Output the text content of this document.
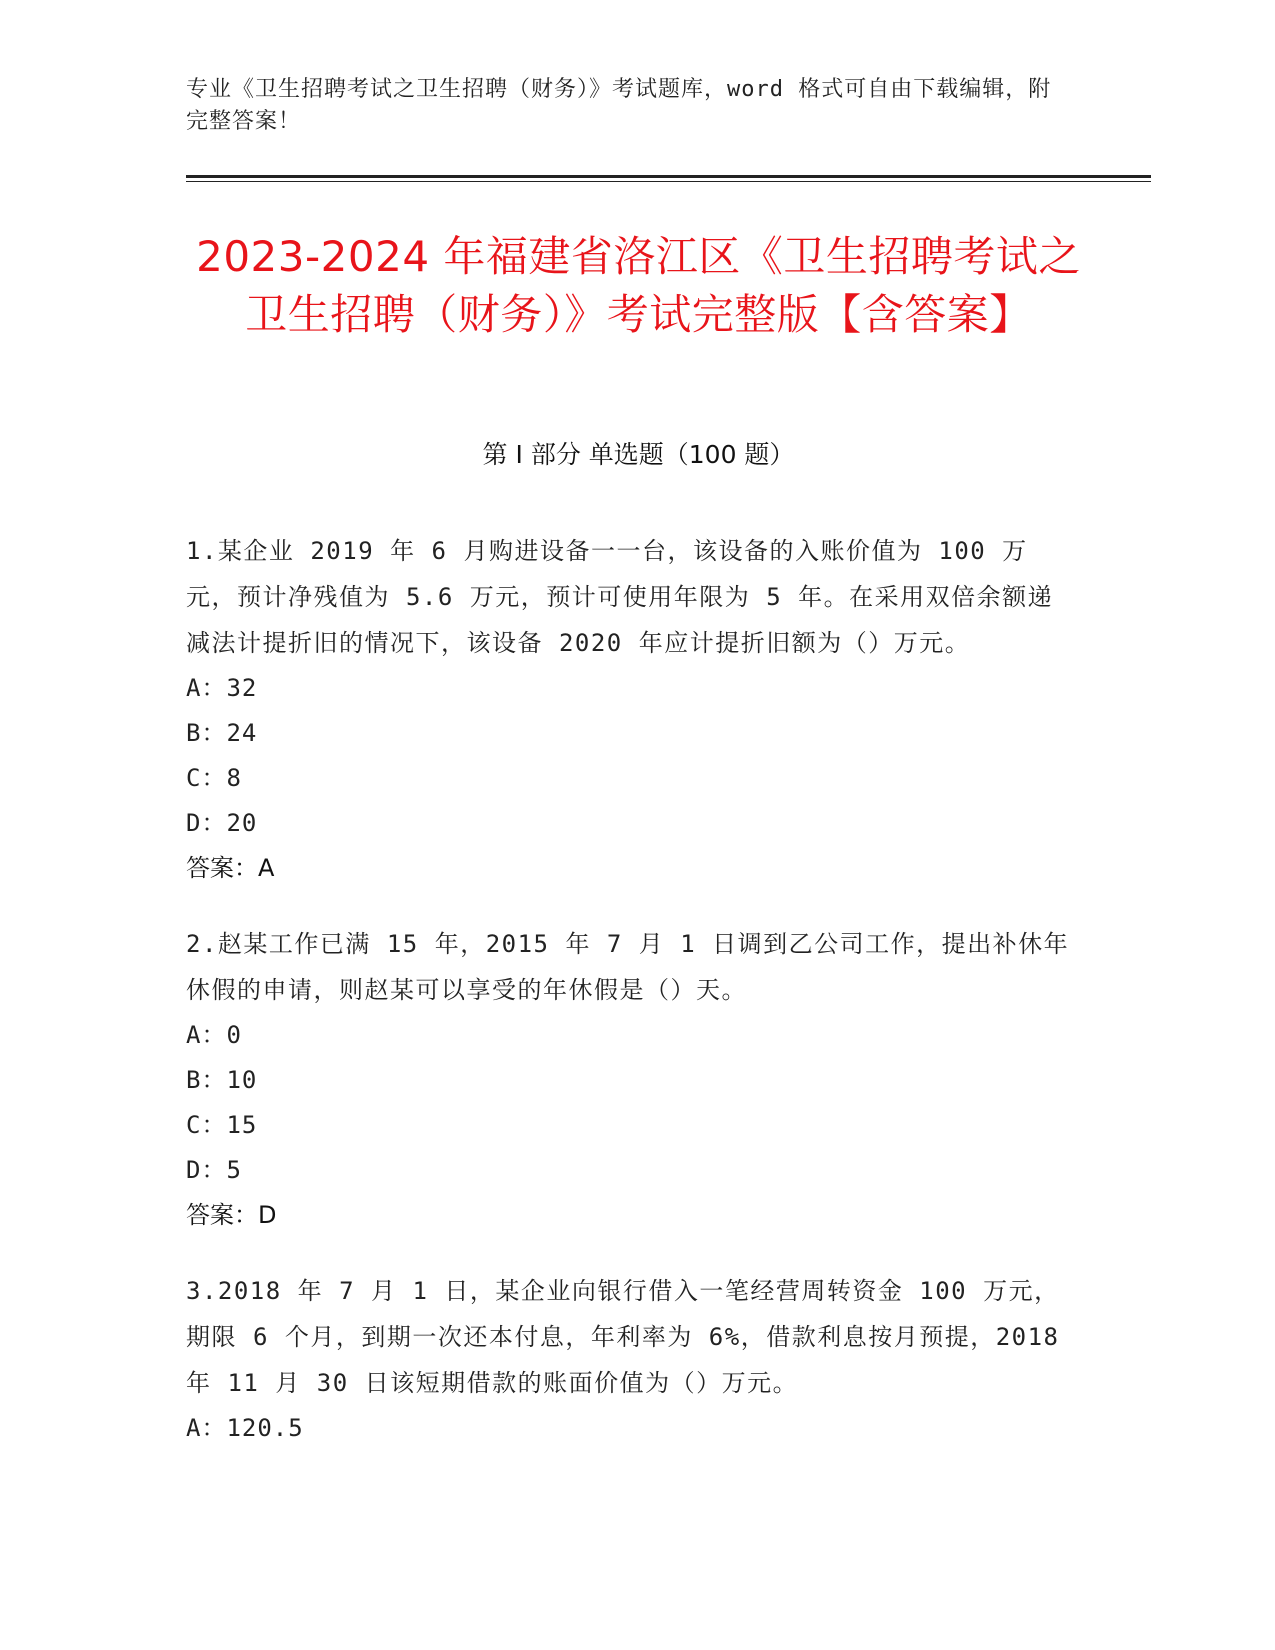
专业《卫生招聘考试之卫生招聘（财务）》考试题库，word 格式可自由下载编辑，附完整答案！
2023-2024 年福建省洛江区《卫生招聘考试之卫生招聘（财务）》考试完整版【含答案】
第 I 部分 单选题（100 题）
1.某企业 2019 年 6 月购进设备一一台，该设备的入账价值为 100 万元，预计净残值为 5.6 万元，预计可使用年限为 5 年。在采用双倍余额递减法计提折旧的情况下，该设备 2020 年应计提折旧额为（）万元。
A：32
B：24
C：8
D：20
答案：A
2.赵某工作已满 15 年，2015 年 7 月 1 日调到乙公司工作，提出补休年休假的申请，则赵某可以享受的年休假是（）天。
A：0
B：10
C：15
D：5
答案：D
3.2018 年 7 月 1 日，某企业向银行借入一笔经营周转资金 100 万元，期限 6 个月，到期一次还本付息，年利率为 6%，借款利息按月预提，2018 年 11 月 30 日该短期借款的账面价值为（）万元。
A：120.5
